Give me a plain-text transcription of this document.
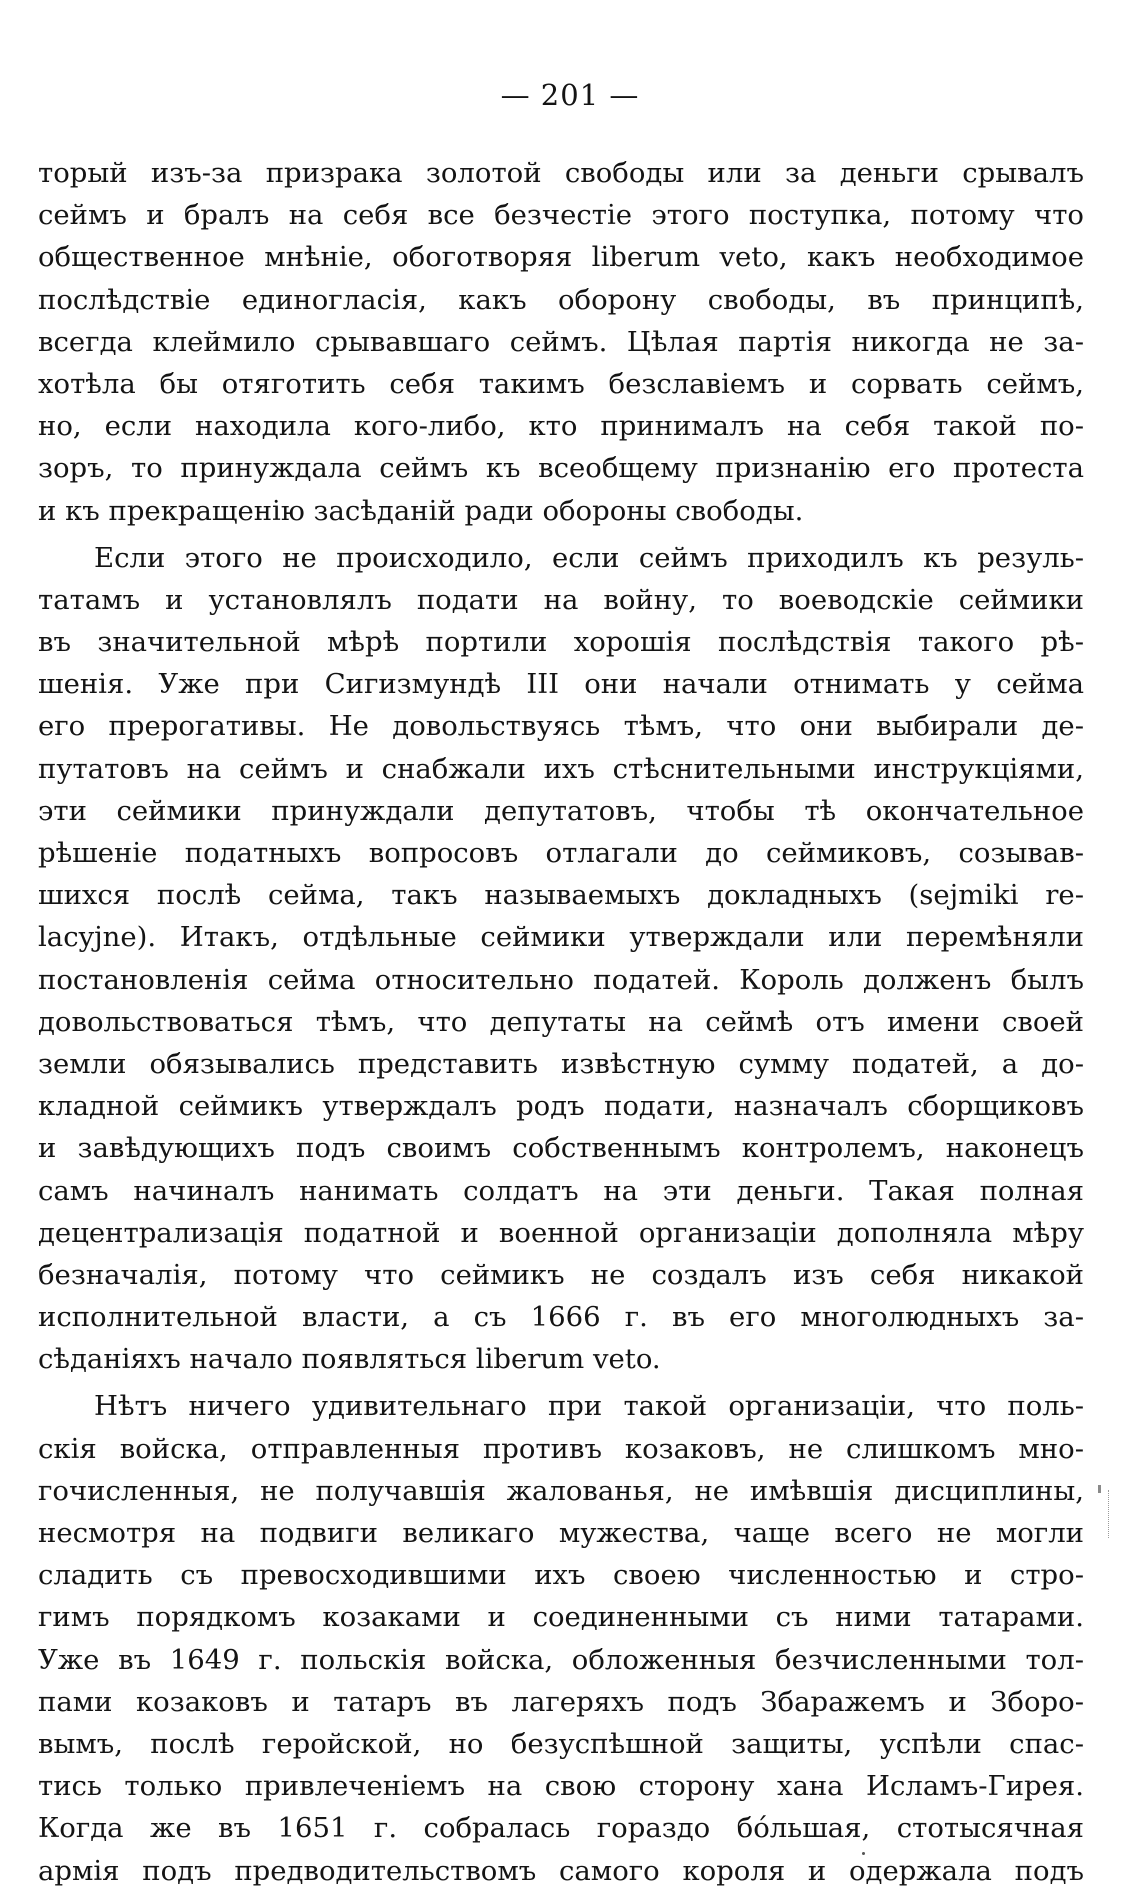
— 201 —
торый изъ-за призрака золотой свободы или за деньги срывалъ
сеймъ и бралъ на себя все безчестіе этого поступка, потому что
общественное мнѣніе, обоготворяя liberum veto, какъ необходимое
послѣдствіе единогласія, какъ оборону свободы, въ принципѣ,
всегда клеймило срывавшаго сеймъ. Цѣлая партія никогда не за-
хотѣла бы отяготить себя такимъ безславіемъ и сорвать сеймъ,
но, если находила кого-либо, кто принималъ на себя такой по-
зоръ, то принуждала сеймъ къ всеобщему признанію его протеста
и къ прекращенію засѣданій ради обороны свободы.
Если этого не происходило, если сеймъ приходилъ къ резуль-
татамъ и установлялъ подати на войну, то воеводскіе сеймики
въ значительной мѣрѣ портили хорошія послѣдствія такого рѣ-
шенія. Уже при Сигизмундѣ III они начали отнимать у сейма
его прерогативы. Не довольствуясь тѣмъ, что они выбирали де-
путатовъ на сеймъ и снабжали ихъ стѣснительными инструкціями,
эти сеймики принуждали депутатовъ, чтобы тѣ окончательное
рѣшеніе податныхъ вопросовъ отлагали до сеймиковъ, созывав-
шихся послѣ сейма, такъ называемыхъ докладныхъ (sejmiki re-
lacyjne). Итакъ, отдѣльные сеймики утверждали или перемѣняли
постановленія сейма относительно податей. Король долженъ былъ
довольствоваться тѣмъ, что депутаты на сеймѣ отъ имени своей
земли обязывались представить извѣстную сумму податей, а до-
кладной сеймикъ утверждалъ родъ подати, назначалъ сборщиковъ
и завѣдующихъ подъ своимъ собственнымъ контролемъ, наконецъ
самъ начиналъ нанимать солдатъ на эти деньги. Такая полная
децентрализація податной и военной организаціи дополняла мѣру
безначалія, потому что сеймикъ не создалъ изъ себя никакой
исполнительной власти, а съ 1666 г. въ его многолюдныхъ за-
сѣданіяхъ начало появляться liberum veto.
Нѣтъ ничего удивительнаго при такой организаціи, что поль-
скія войска, отправленныя противъ козаковъ, не слишкомъ мно-
гочисленныя, не получавшія жалованья, не имѣвшія дисциплины,
несмотря на подвиги великаго мужества, чаще всего не могли
сладить съ превосходившими ихъ своею численностью и стро-
гимъ порядкомъ козаками и соединенными съ ними татарами.
Уже въ 1649 г. польскія войска, обложенныя безчисленными тол-
пами козаковъ и татаръ въ лагеряхъ подъ Збаражемъ и Зборо-
вымъ, послѣ геройской, но безуспѣшной защиты, успѣли спас-
тись только привлеченіемъ на свою сторону хана Исламъ-Гирея.
Когда же въ 1651 г. собралась гораздо бóльшая, стотысячная
армія подъ предводительствомъ самого короля и одержала подъ
